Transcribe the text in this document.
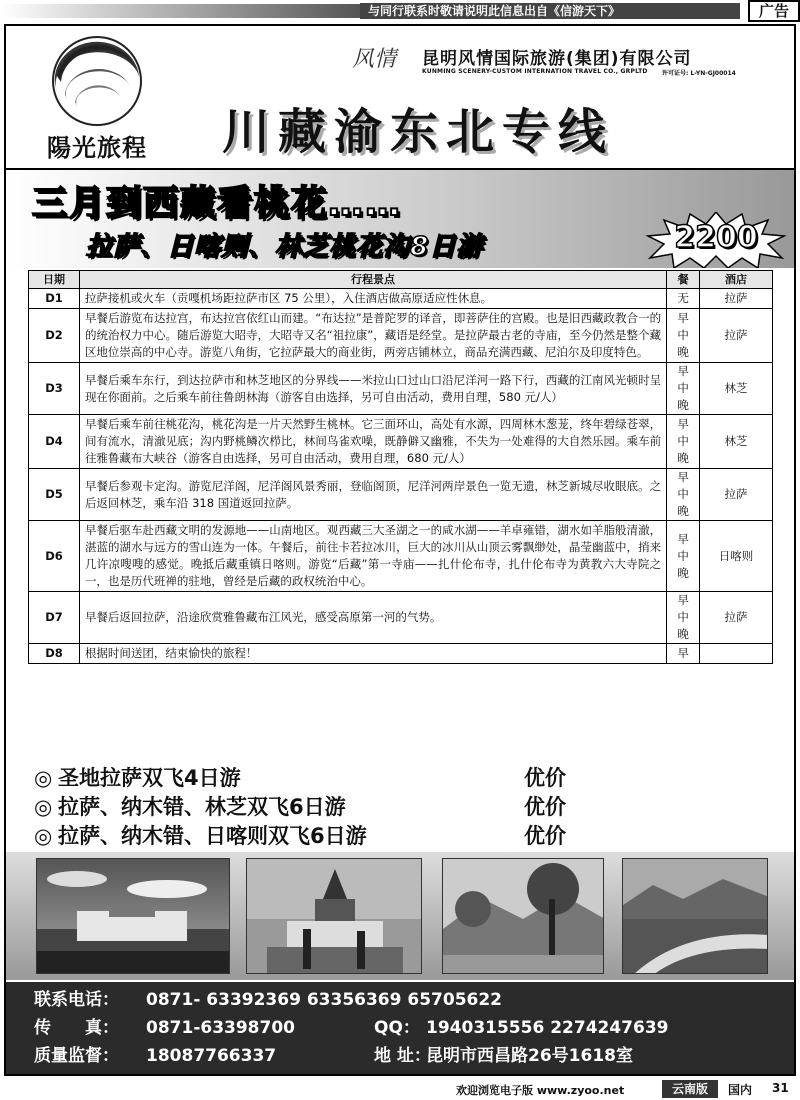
与同行联系时敬请说明此信息出自《信游天下》	广告
陽光旅程
风情	昆明风情国际旅游(集团)有限公司
KUNMING SCENERY-CUSTOM INTERNATION TRAVEL CO., GRPLTD 许可证号: L-YN-GJ00014
川藏渝东北专线
三月到西藏看桃花……
拉萨、日喀则、林芝桃花沟8日游	2200
日期	行程景点	餐	酒店
D1	拉萨接机或火车（贡嘎机场距拉萨市区 75 公里），入住酒店做高原适应性休息。	无	拉萨
D2	早餐后游览布达拉宫，布达拉宫依红山而建。“布达拉”是普陀罗的译音，即菩萨住的宫殿。也是旧西藏政教合一的的统治权力中心。随后游览大昭寺，大昭寺又名“祖拉康”，藏语是经堂。是拉萨最古老的寺庙，至今仍然是整个藏区地位崇高的中心寺。游览八角街，它拉萨最大的商业街，两旁店铺林立，商品充满西藏、尼泊尔及印度特色。	早
中
晚	拉萨
D3	早餐后乘车东行，到达拉萨市和林芝地区的分界线——米拉山口过山口沿尼洋河一路下行，西藏的江南风光顿时呈现在你面前。之后乘车前往鲁朗林海（游客自由选择，另可自由活动，费用自理，580 元/人）	早
中
晚	林芝
D4	早餐后乘车前往桃花沟，桃花沟是一片天然野生桃林。它三面环山，高处有水源，四周林木葱茏，终年碧绿苍翠，间有流水，清澈见底；沟内野桃鳞次栉比，林间鸟雀欢噪，既静僻又幽雅，不失为一处难得的大自然乐园。乘车前往雅鲁藏布大峡谷（游客自由选择，另可自由活动，费用自理，680 元/人）	早
中
晚	林芝
D5	早餐后参观卡定沟。游览尼洋阁，尼洋阁风景秀丽，登临阁顶，尼洋河两岸景色一览无遗，林芝新城尽收眼底。之后返回林芝，乘车沿 318 国道返回拉萨。	早
中
晚	拉萨
D6	早餐后驱车赴西藏文明的发源地——山南地区。观西藏三大圣湖之一的咸水湖——羊卓雍错，湖水如羊脂般清澈，湛蓝的湖水与远方的雪山连为一体。午餐后，前往卡若拉冰川，巨大的冰川从山顶云雾飘缈处，晶莹幽蓝中，捎来几许凉嗖嗖的感觉。晚抵后藏重镇日喀则。游览“后藏”第一寺庙——扎什伦布寺，扎什伦布寺为黄教六大寺院之一，也是历代班禅的驻地，曾经是后藏的政权统治中心。	早
中
晚	日喀则
D7	早餐后返回拉萨，沿途欣赏雅鲁藏布江风光，感受高原第一河的气势。	早
中
晚	拉萨
D8	根据时间送团，结束愉快的旅程！	早	
◎ 圣地拉萨双飞4日游	优价
◎ 拉萨、纳木错、林芝双飞6日游	优价
◎ 拉萨、纳木错、日喀则双飞6日游	优价
联系电话： 0871- 63392369 63356369 65705622
传　　真： 0871-63398700	QQ： 1940315556 2274247639
质量监督： 18087766337	地 址：
昆明市西昌路26号1618室
欢迎浏览电子版 www.zyoo.net	云南版	国内 31
